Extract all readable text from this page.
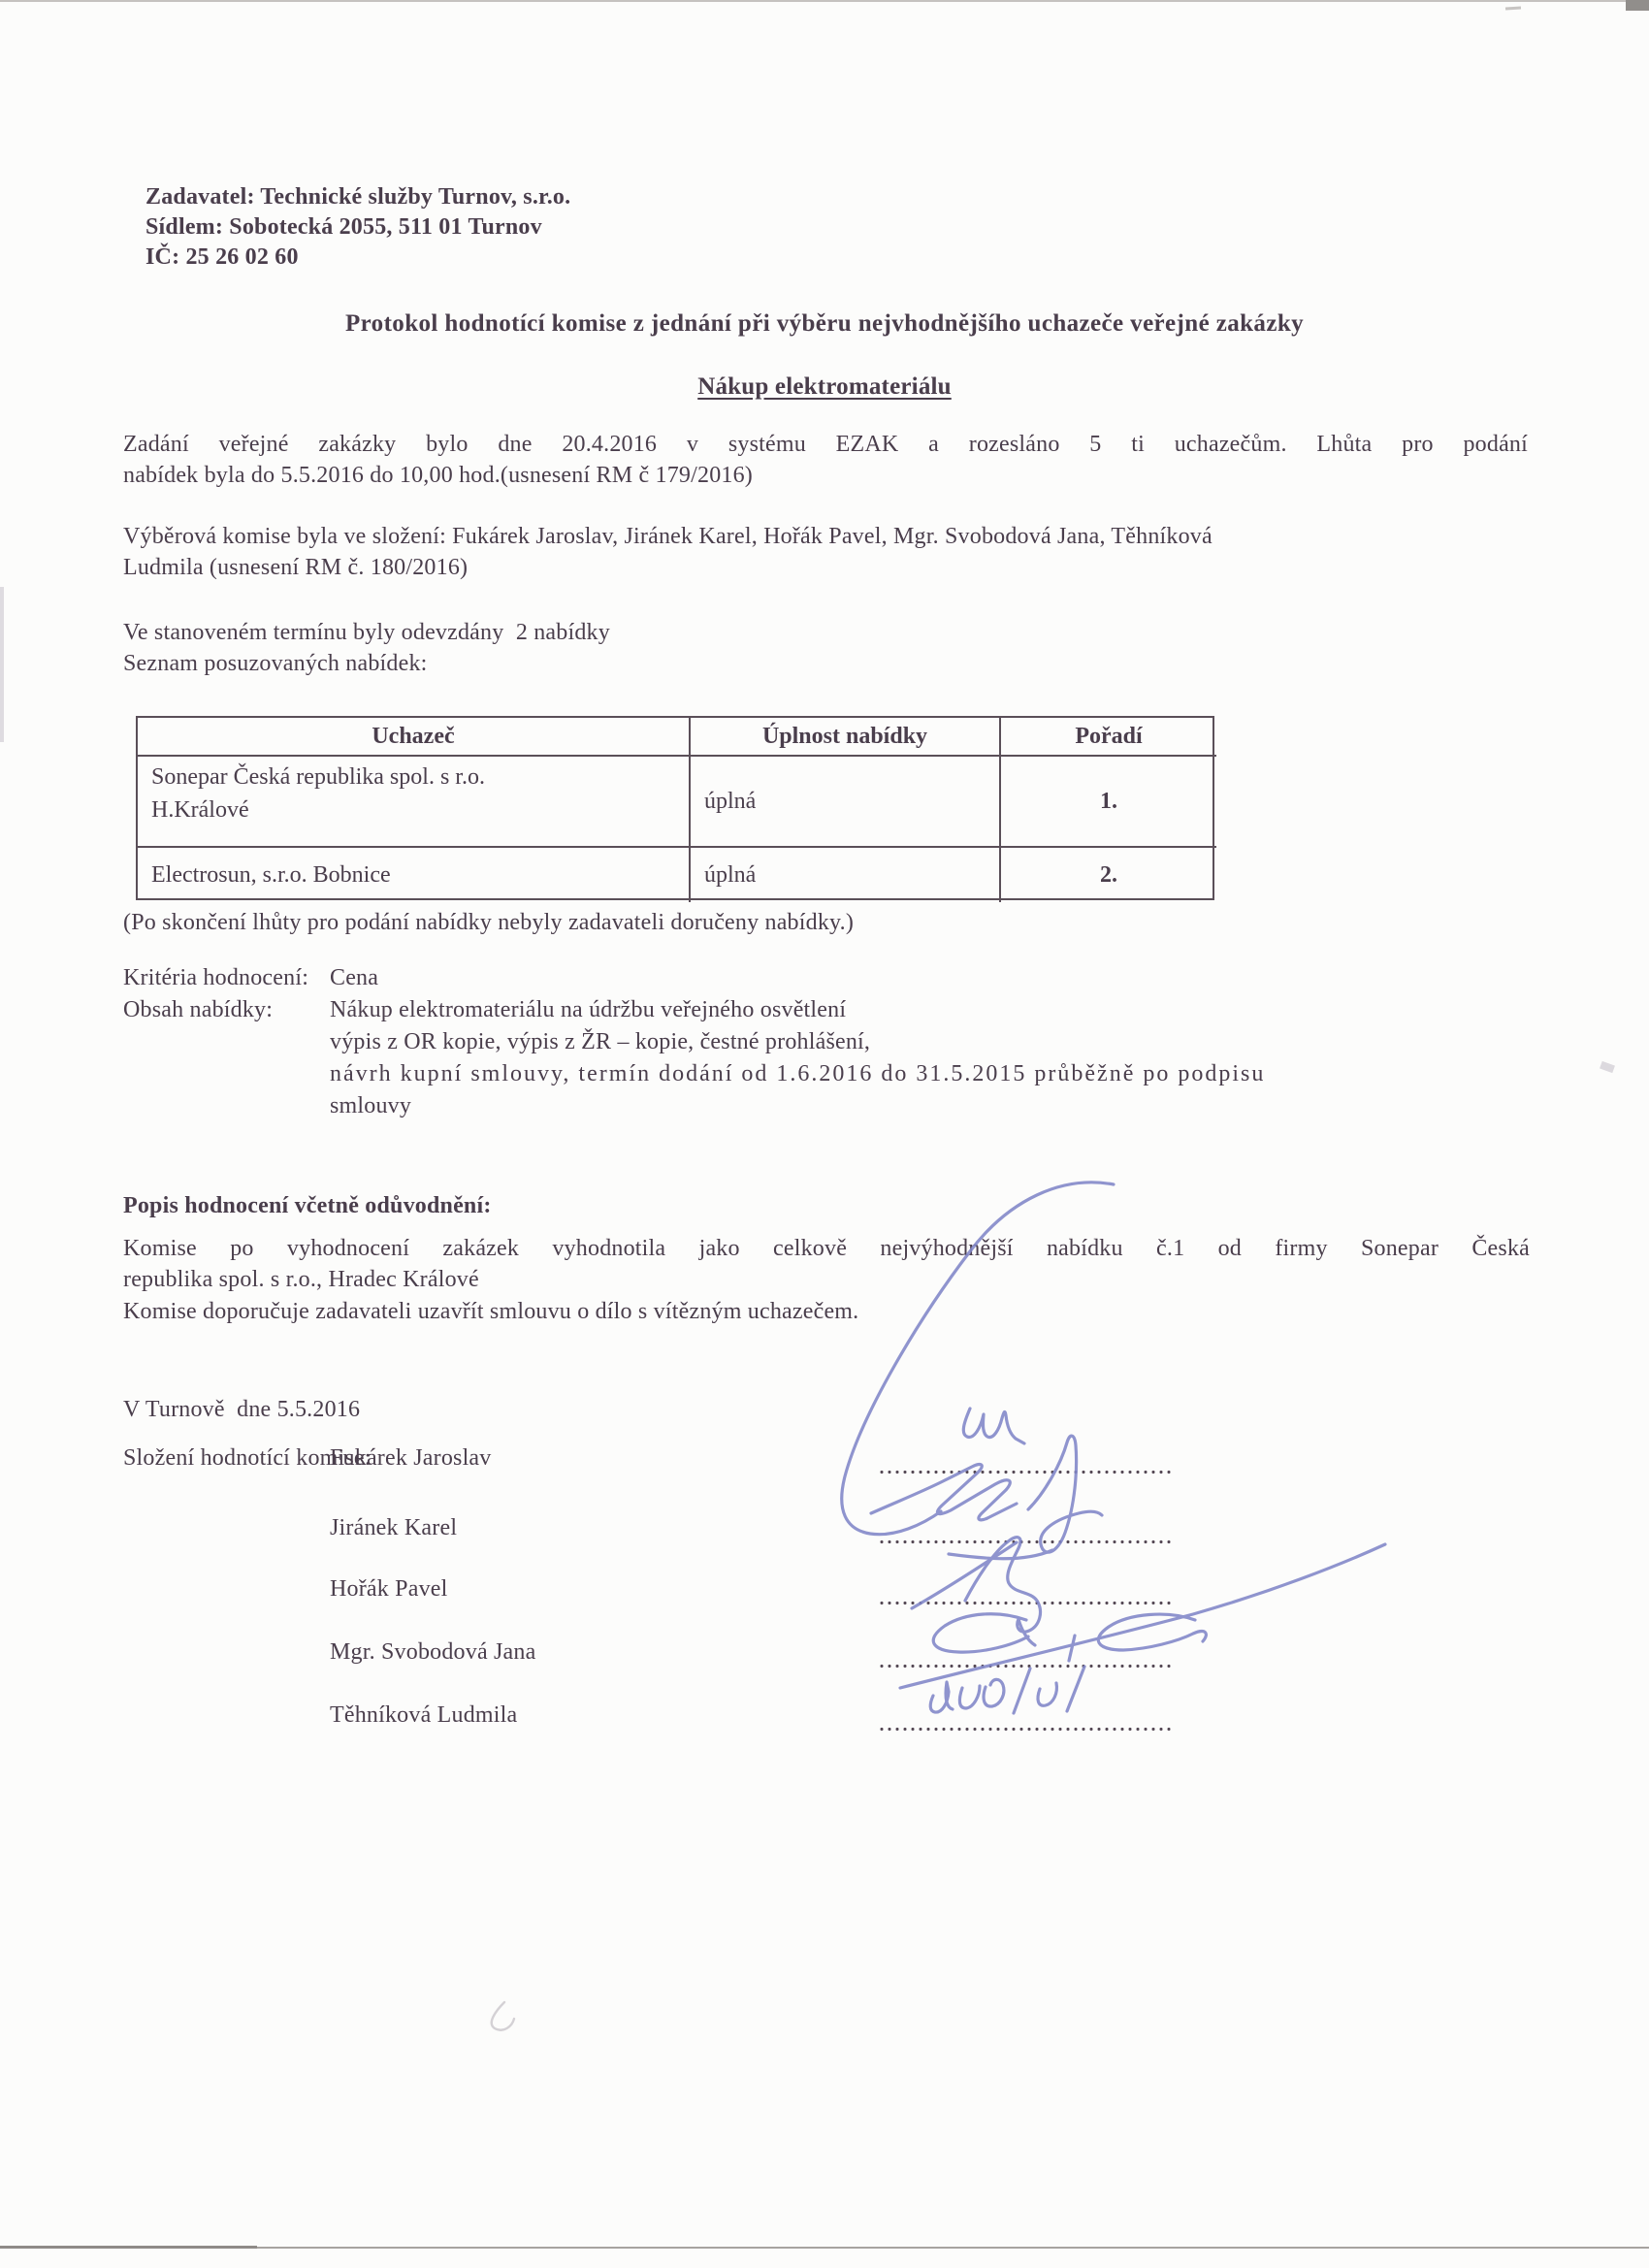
Zadavatel: Technické služby Turnov, s.r.o.
Sídlem: Sobotecká 2055, 511 01 Turnov
IČ: 25 26 02 60
Protokol hodnotící komise z jednání při výběru nejvhodnějšího uchazeče veřejné zakázky
Nákup elektromateriálu
Zadání veřejné zakázky bylo dne 20.4.2016 v systému EZAK a rozesláno 5 ti uchazečům. Lhůta pro podání
nabídek byla do 5.5.2016 do 10,00 hod.(usnesení RM č 179/2016)
Výběrová komise byla ve složení: Fukárek Jaroslav, Jiránek Karel, Hořák Pavel, Mgr. Svobodová Jana, Těhníková
Ludmila (usnesení RM č. 180/2016)
Ve stanoveném termínu byly odevzdány  2 nabídky
Seznam posuzovaných nabídek:
Uchazeč	Úplnost nabídky	Pořadí
Sonepar Česká republika spol. s r.o.
H.Králové	úplná	1.
Electrosun, s.r.o. Bobnice	úplná	2.
(Po skončení lhůty pro podání nabídky nebyly zadavateli doručeny nabídky.)
Kritéria hodnocení: Cena
Obsah nabídky: Nákup elektromateriálu na údržbu veřejného osvětlení
výpis z OR kopie, výpis z ŽR – kopie, čestné prohlášení,
návrh kupní smlouvy, termín dodání od 1.6.2016 do 31.5.2015 průběžně po podpisu
smlouvy
Popis hodnocení včetně odůvodnění:
Komise po vyhodnocení zakázek vyhodnotila jako celkově nejvýhodnější nabídku č.1 od firmy Sonepar Česká
republika spol. s r.o., Hradec Králové
Komise doporučuje zadavateli uzavřít smlouvu o dílo s vítězným uchazečem.
V Turnově  dne 5.5.2016
Složení hodnotící komise:
Fukárek Jaroslav
Jiránek Karel
Hořák Pavel
Mgr. Svobodová Jana
Těhníková Ludmila
